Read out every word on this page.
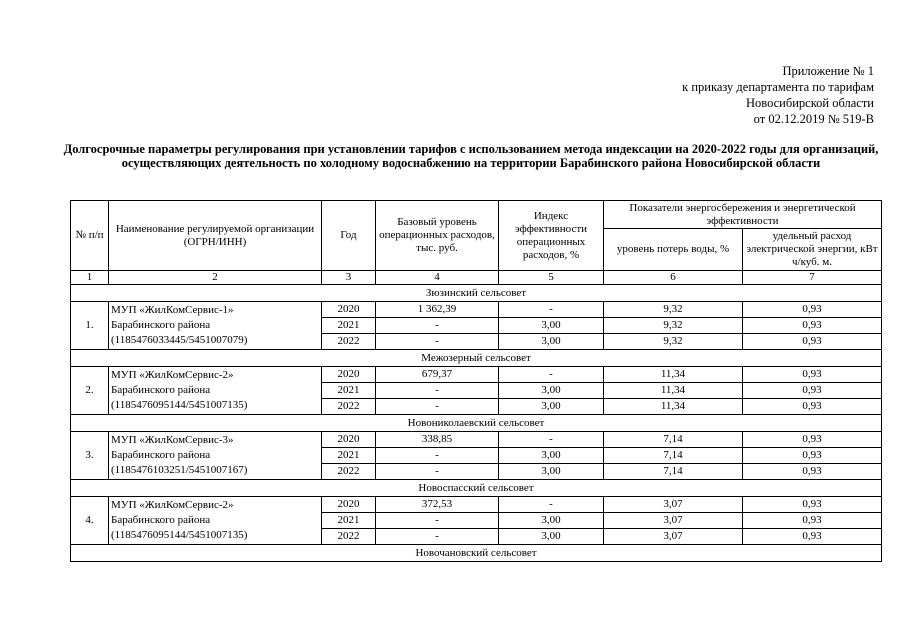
Приложение № 1
к приказу департамента по тарифам
Новосибирской области
от 02.12.2019 № 519-В
Долгосрочные параметры регулирования при установлении тарифов с использованием метода индексации на 2020-2022 годы для организаций, осуществляющих деятельность по холодному водоснабжению на территории Барабинского района Новосибирской области
№ п/п	Наименование регулируемой организации (ОГРН/ИНН)	Год	Базовый уровень операционных расходов, тыс. руб.	Индекс эффективности операционных расходов, %	Показатели энергосбережения и энергетической эффективности	
					уровень потерь воды, %	удельный расход электрической энергии, кВт ч/куб. м.
1	2	3	4	5	6	7
Зюзинский сельсовет						
1.	МУП «ЖилКомСервис-1»
Барабинского района
(1185476033445/5451007079)	2020	1 362,39	-	9,32	0,93
		2021	-	3,00	9,32	0,93
		2022	-	3,00	9,32	0,93
Межозерный сельсовет						
2.	МУП «ЖилКомСервис-2»
Барабинского района
(1185476095144/5451007135)	2020	679,37	-	11,34	0,93
		2021	-	3,00	11,34	0,93
		2022	-	3,00	11,34	0,93
Новониколаевский сельсовет						
3.	МУП «ЖилКомСервис-3»
Барабинского района
(1185476103251/5451007167)	2020	338,85	-	7,14	0,93
		2021	-	3,00	7,14	0,93
		2022	-	3,00	7,14	0,93
Новоспасский сельсовет						
4.	МУП «ЖилКомСервис-2»
Барабинского района
(1185476095144/5451007135)	2020	372,53	-	3,07	0,93
		2021	-	3,00	3,07	0,93
		2022	-	3,00	3,07	0,93
Новочановский сельсовет						
